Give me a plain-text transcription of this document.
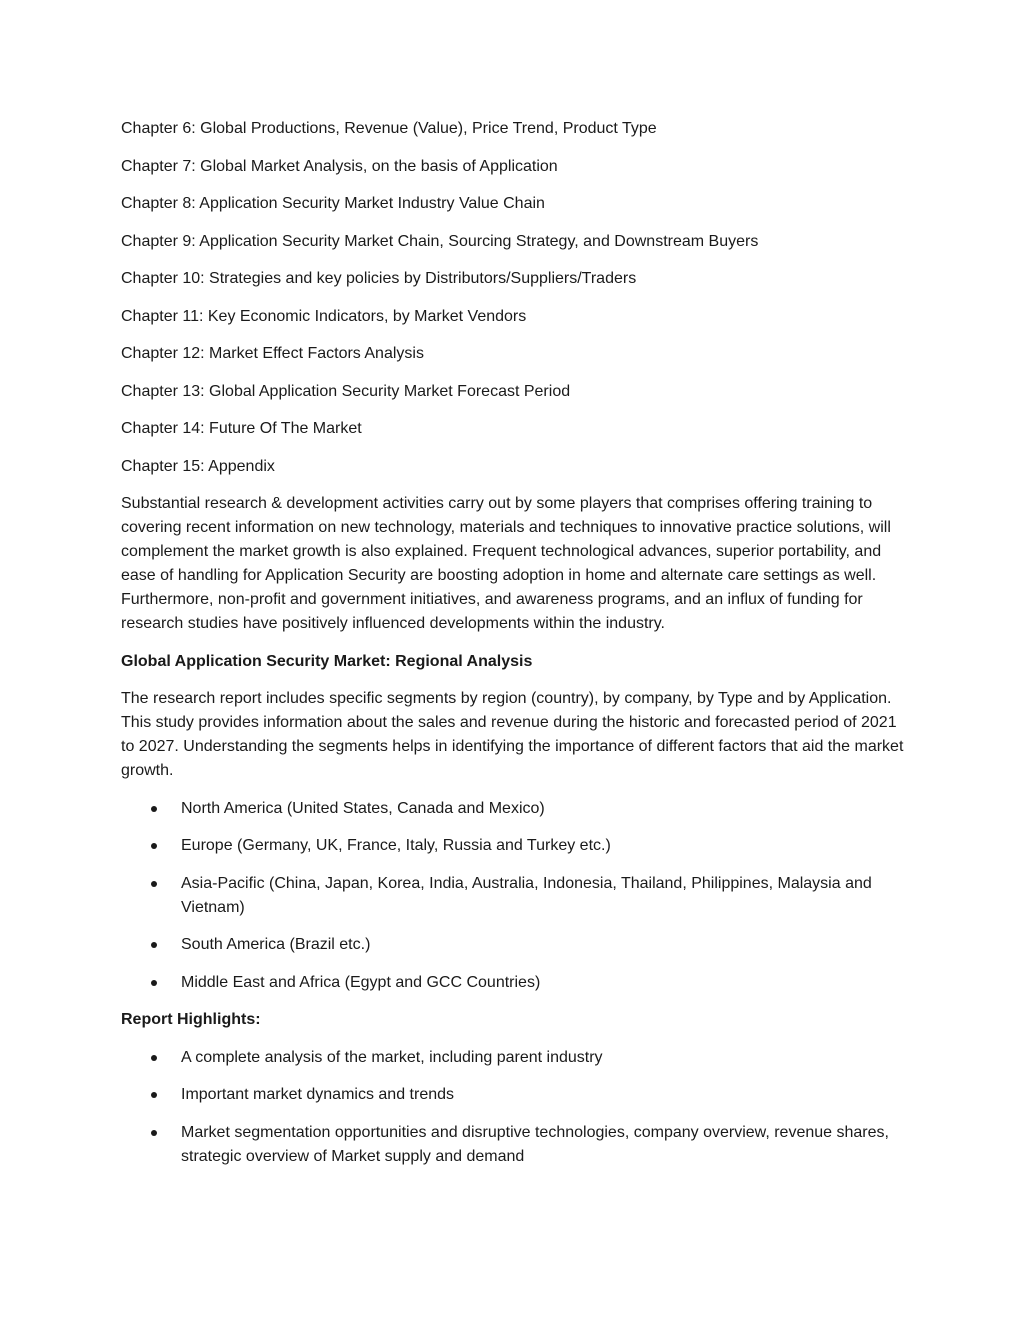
Chapter 6: Global Productions, Revenue (Value), Price Trend, Product Type

Chapter 7: Global Market Analysis, on the basis of Application

Chapter 8: Application Security Market Industry Value Chain

Chapter 9: Application Security Market Chain, Sourcing Strategy, and Downstream Buyers

Chapter 10: Strategies and key policies by Distributors/Suppliers/Traders

Chapter 11: Key Economic Indicators, by Market Vendors

Chapter 12: Market Effect Factors Analysis

Chapter 13: Global Application Security Market Forecast Period

Chapter 14: Future Of The Market

Chapter 15: Appendix

Substantial research & development activities carry out by some players that comprises offering training to covering recent information on new technology, materials and techniques to innovative practice solutions, will complement the market growth is also explained. Frequent technological advances, superior portability, and ease of handling for Application Security are boosting adoption in home and alternate care settings as well. Furthermore, non-profit and government initiatives, and awareness programs, and an influx of funding for research studies have positively influenced developments within the industry.

Global Application Security Market: Regional Analysis

The research report includes specific segments by region (country), by company, by Type and by Application. This study provides information about the sales and revenue during the historic and forecasted period of 2021 to 2027. Understanding the segments helps in identifying the importance of different factors that aid the market growth.

North America (United States, Canada and Mexico)
Europe (Germany, UK, France, Italy, Russia and Turkey etc.)
Asia-Pacific (China, Japan, Korea, India, Australia, Indonesia, Thailand, Philippines, Malaysia and Vietnam)
South America (Brazil etc.)
Middle East and Africa (Egypt and GCC Countries)

Report Highlights:

A complete analysis of the market, including parent industry
Important market dynamics and trends
Market segmentation opportunities and disruptive technologies, company overview, revenue shares, strategic overview of Market supply and demand
